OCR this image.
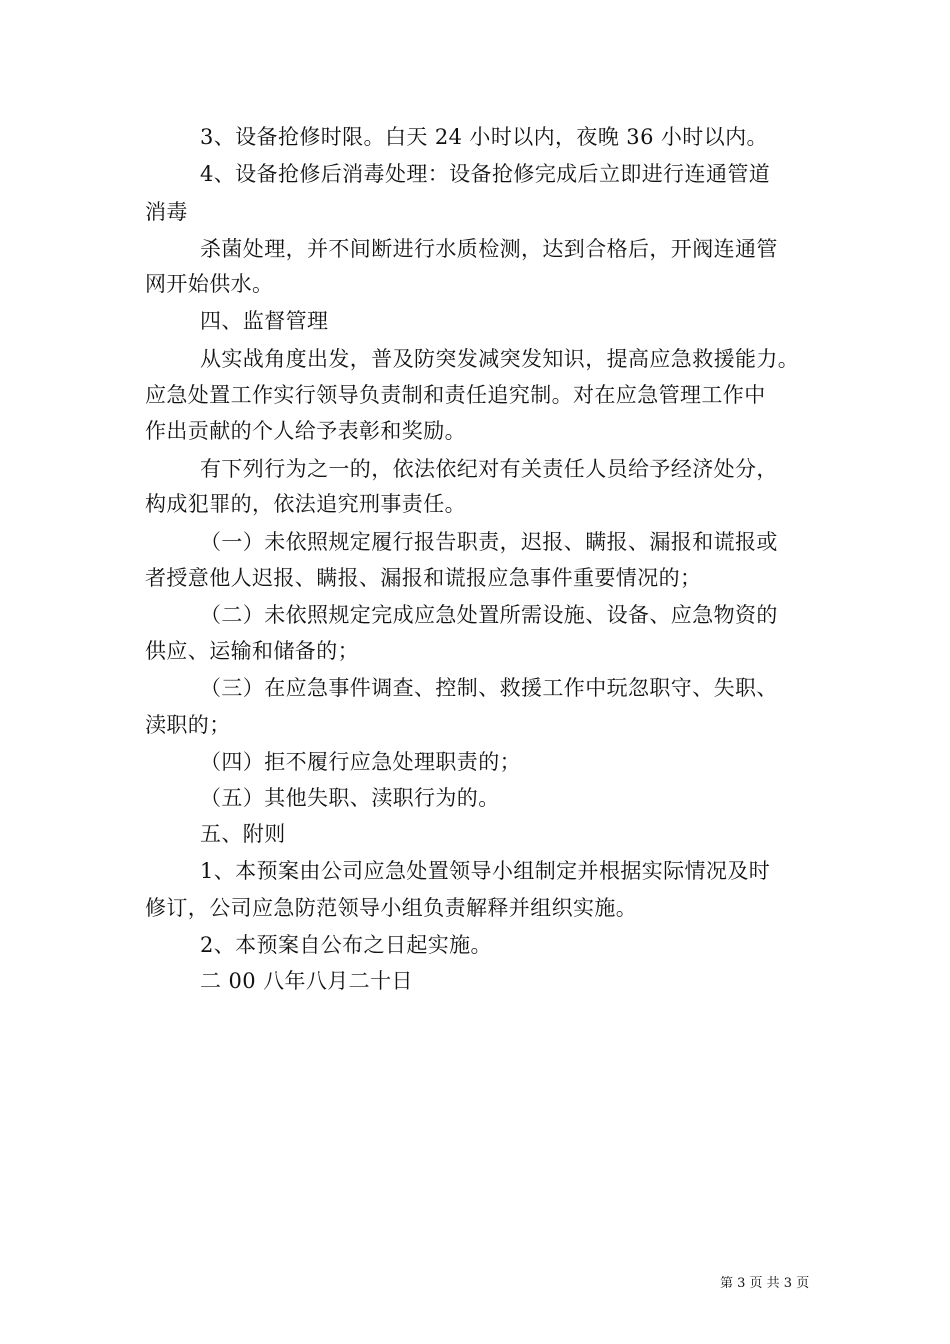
3、设备抢修时限。白天 24 小时以内，夜晚 36 小时以内。
4、设备抢修后消毒处理：设备抢修完成后立即进行连通管道
消毒
杀菌处理，并不间断进行水质检测，达到合格后，开阀连通管
网开始供水。
四、监督管理
从实战角度出发，普及防突发减突发知识，提高应急救援能力。
应急处置工作实行领导负责制和责任追究制。对在应急管理工作中
作出贡献的个人给予表彰和奖励。
有下列行为之一的，依法依纪对有关责任人员给予经济处分，
构成犯罪的，依法追究刑事责任。
（一）未依照规定履行报告职责，迟报、瞒报、漏报和谎报或
者授意他人迟报、瞒报、漏报和谎报应急事件重要情况的；
（二）未依照规定完成应急处置所需设施、设备、应急物资的
供应、运输和储备的；
（三）在应急事件调查、控制、救援工作中玩忽职守、失职、
渎职的；
（四）拒不履行应急处理职责的；
（五）其他失职、渎职行为的。
五、附则
1、本预案由公司应急处置领导小组制定并根据实际情况及时
修订，公司应急防范领导小组负责解释并组织实施。
2、本预案自公布之日起实施。
二 00 八年八月二十日
第 3 页 共 3 页
